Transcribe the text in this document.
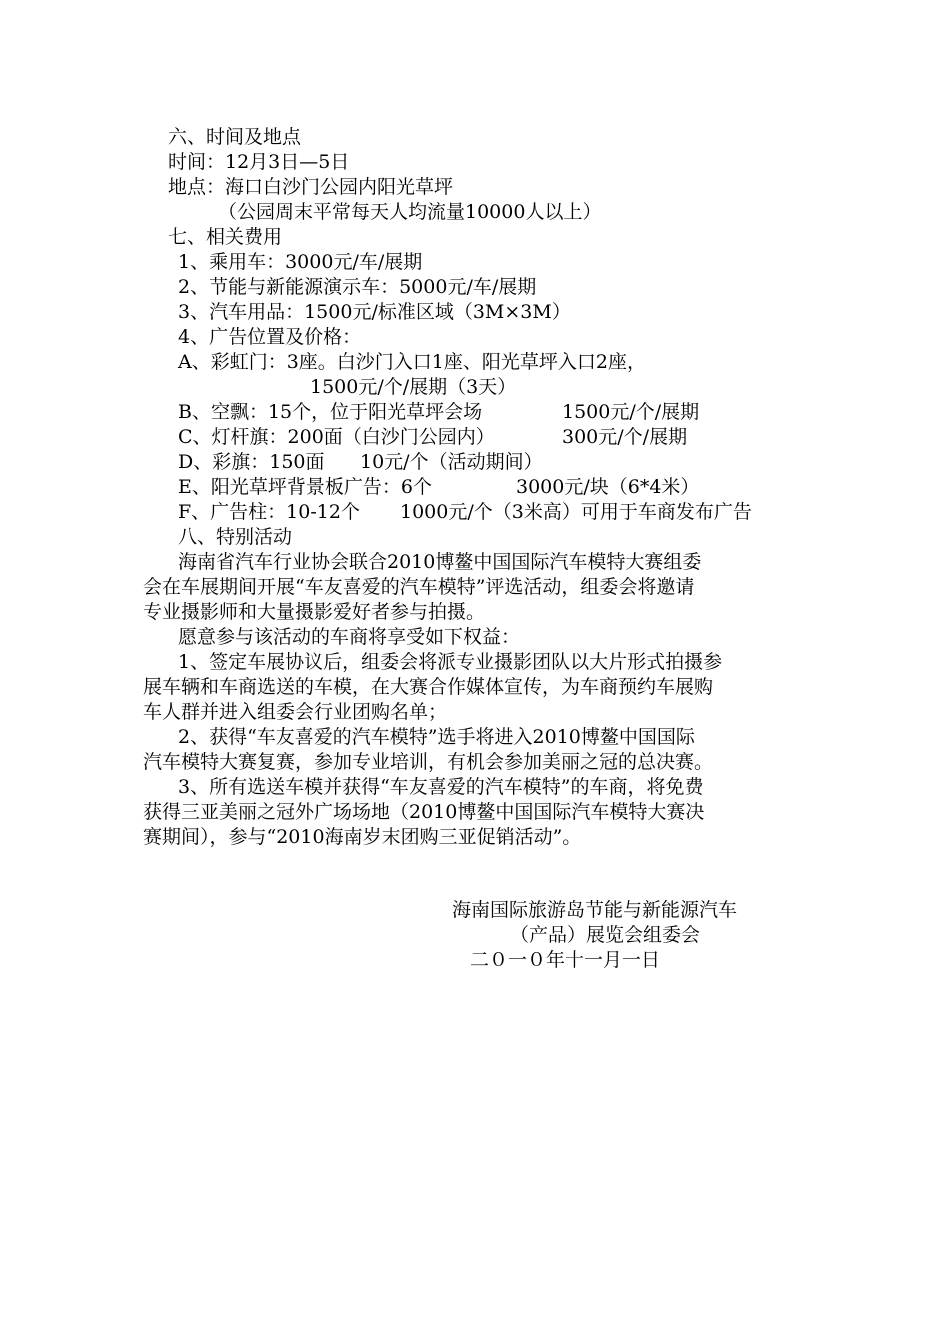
六、时间及地点
时间：12月3日—5日
地点：海口白沙门公园内阳光草坪
（公园周末平常每天人均流量10000人以上）
七、相关费用
1、乘用车：3000元/车/展期
2、节能与新能源演示车：5000元/车/展期
3、汽车用品：1500元/标准区域（3M×3M）
4、广告位置及价格：
A、彩虹门：3座。白沙门入口1座、阳光草坪入口2座，
1500元/个/展期（3天）
B、空飘：15个，位于阳光草坪会场	1500元/个/展期
C、灯杆旗：200面（白沙门公园内）	300元/个/展期
D、彩旗：150面 10元/个（活动期间）
E、阳光草坪背景板广告：6个	3000元/块（6*4米）
F、广告柱：10-12个 1000元/个（3米高）可用于车商发布广告
八、特别活动
海南省汽车行业协会联合2010博鳌中国国际汽车模特大赛组委
会在车展期间开展“车友喜爱的汽车模特”评选活动，组委会将邀请
专业摄影师和大量摄影爱好者参与拍摄。
愿意参与该活动的车商将享受如下权益：
1、签定车展协议后，组委会将派专业摄影团队以大片形式拍摄参
展车辆和车商选送的车模，在大赛合作媒体宣传，为车商预约车展购
车人群并进入组委会行业团购名单；
2、获得“车友喜爱的汽车模特”选手将进入2010博鳌中国国际
汽车模特大赛复赛，参加专业培训，有机会参加美丽之冠的总决赛。
3、所有选送车模并获得“车友喜爱的汽车模特”的车商，将免费
获得三亚美丽之冠外广场场地（2010博鳌中国国际汽车模特大赛决
赛期间），参与“2010海南岁末团购三亚促销活动”。
海南国际旅游岛节能与新能源汽车
（产品）展览会组委会
二０一０年十一月一日
